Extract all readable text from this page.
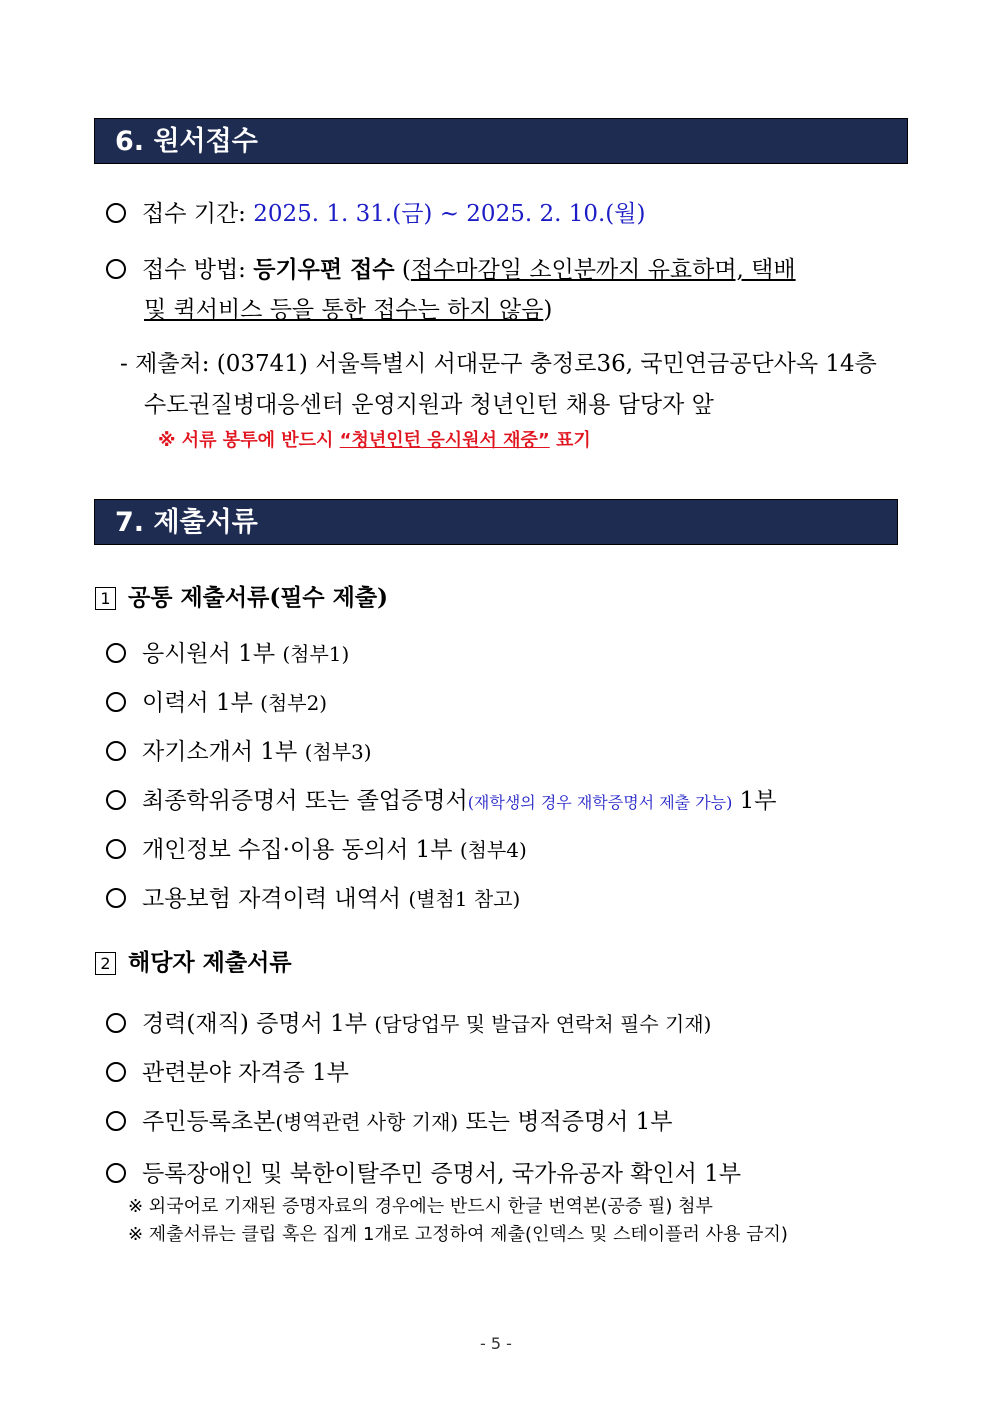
6. 원서접수
접수 기간: 2025. 1. 31.(금) ~ 2025. 2. 10.(월)
접수 방법: 등기우편 접수 (접수마감일 소인분까지 유효하며, 택배
및 퀵서비스 등을 통한 접수는 하지 않음)
- 제출처: (03741) 서울특별시 서대문구 충정로36, 국민연금공단사옥 14층
수도권질병대응센터 운영지원과 청년인턴 채용 담당자 앞
※ 서류 봉투에 반드시 “청년인턴 응시원서 재중” 표기
7. 제출서류
1 공통 제출서류(필수 제출)
응시원서 1부 (첨부1)
이력서 1부 (첨부2)
자기소개서 1부 (첨부3)
최종학위증명서 또는 졸업증명서(재학생의 경우 재학증명서 제출 가능) 1부
개인정보 수집·이용 동의서 1부 (첨부4)
고용보험 자격이력 내역서 (별첨1 참고)
2 해당자 제출서류
경력(재직) 증명서 1부 (담당업무 및 발급자 연락처 필수 기재)
관련분야 자격증 1부
주민등록초본(병역관련 사항 기재) 또는 병적증명서 1부
등록장애인 및 북한이탈주민 증명서, 국가유공자 확인서 1부
※ 외국어로 기재된 증명자료의 경우에는 반드시 한글 번역본(공증 필) 첨부
※ 제출서류는 클립 혹은 집게 1개로 고정하여 제출(인덱스 및 스테이플러 사용 금지)
- 5 -
